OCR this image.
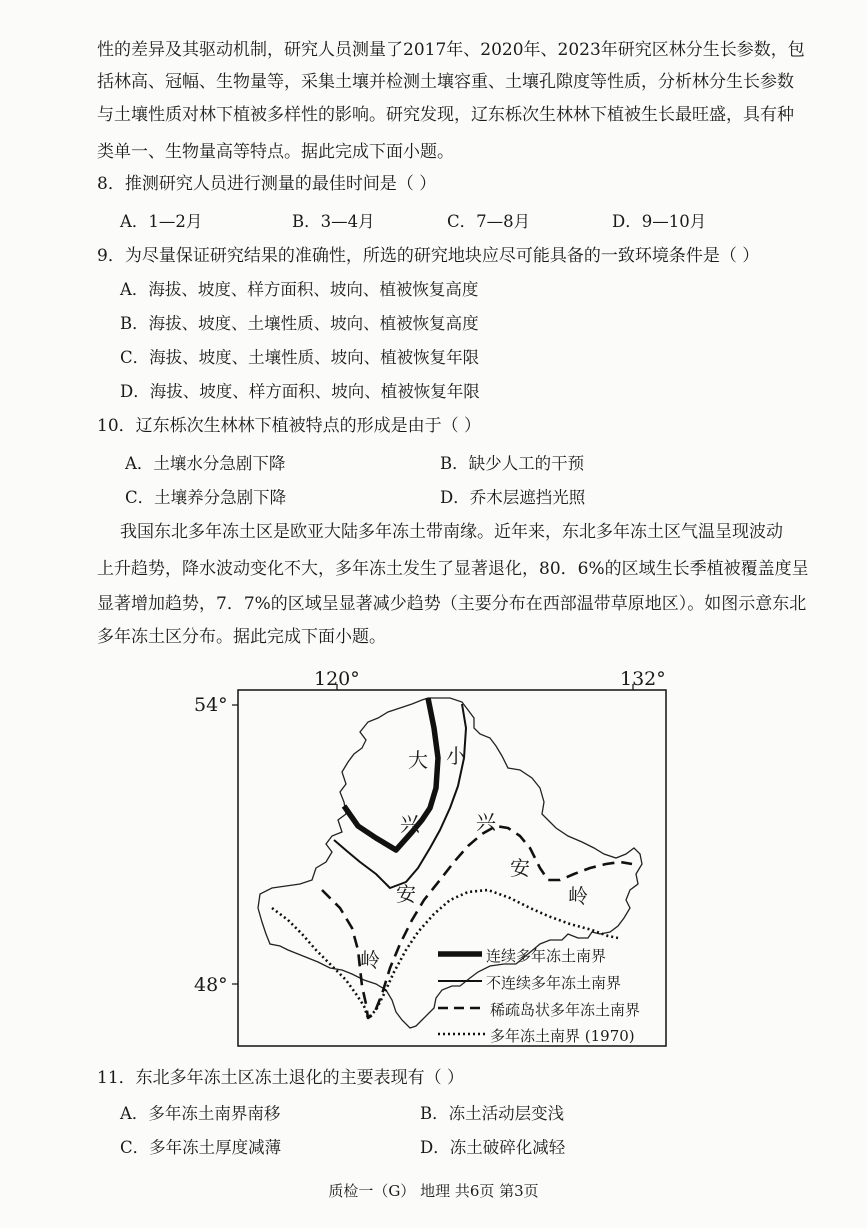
性的差异及其驱动机制，研究人员测量了2017年、2020年、2023年研究区林分生长参数，包
括林高、冠幅、生物量等，采集土壤并检测土壤容重、土壤孔隙度等性质，分析林分生长参数
与土壤性质对林下植被多样性的影响。研究发现，辽东栎次生林林下植被生长最旺盛，具有种
类单一、生物量高等特点。据此完成下面小题。
8．推测研究人员进行测量的最佳时间是（ ）
A．1—2月	B．3—4月	C．7—8月	D．9—10月
9．为尽量保证研究结果的准确性，所选的研究地块应尽可能具备的一致环境条件是（ ）
A．海拔、坡度、样方面积、坡向、植被恢复高度
B．海拔、坡度、土壤性质、坡向、植被恢复高度
C．海拔、坡度、土壤性质、坡向、植被恢复年限
D．海拔、坡度、样方面积、坡向、植被恢复年限
10．辽东栎次生林林下植被特点的形成是由于（ ）
A．土壤水分急剧下降	B．缺少人工的干预
C．土壤养分急剧下降	D．乔木层遮挡光照
我国东北多年冻土区是欧亚大陆多年冻土带南缘。近年来，东北多年冻土区气温呈现波动
上升趋势，降水波动变化不大，多年冻土发生了显著退化，80．6%的区域生长季植被覆盖度呈
显著增加趋势，7．7%的区域呈显著减少趋势（主要分布在西部温带草原地区）。如图示意东北
多年冻土区分布。据此完成下面小题。
120°	132°
54°
48°
大 小
兴	兴
安
安
岭
岭	连续多年冻土南界
不连续多年冻土南界
稀疏岛状多年冻土南界
多年冻土南界 (1970)
11．东北多年冻土区冻土退化的主要表现有（ ）
A．多年冻土南界南移	B．冻土活动层变浅
C．多年冻土厚度减薄	D．冻土破碎化减轻
质检一（G） 地理 共6页 第3页
